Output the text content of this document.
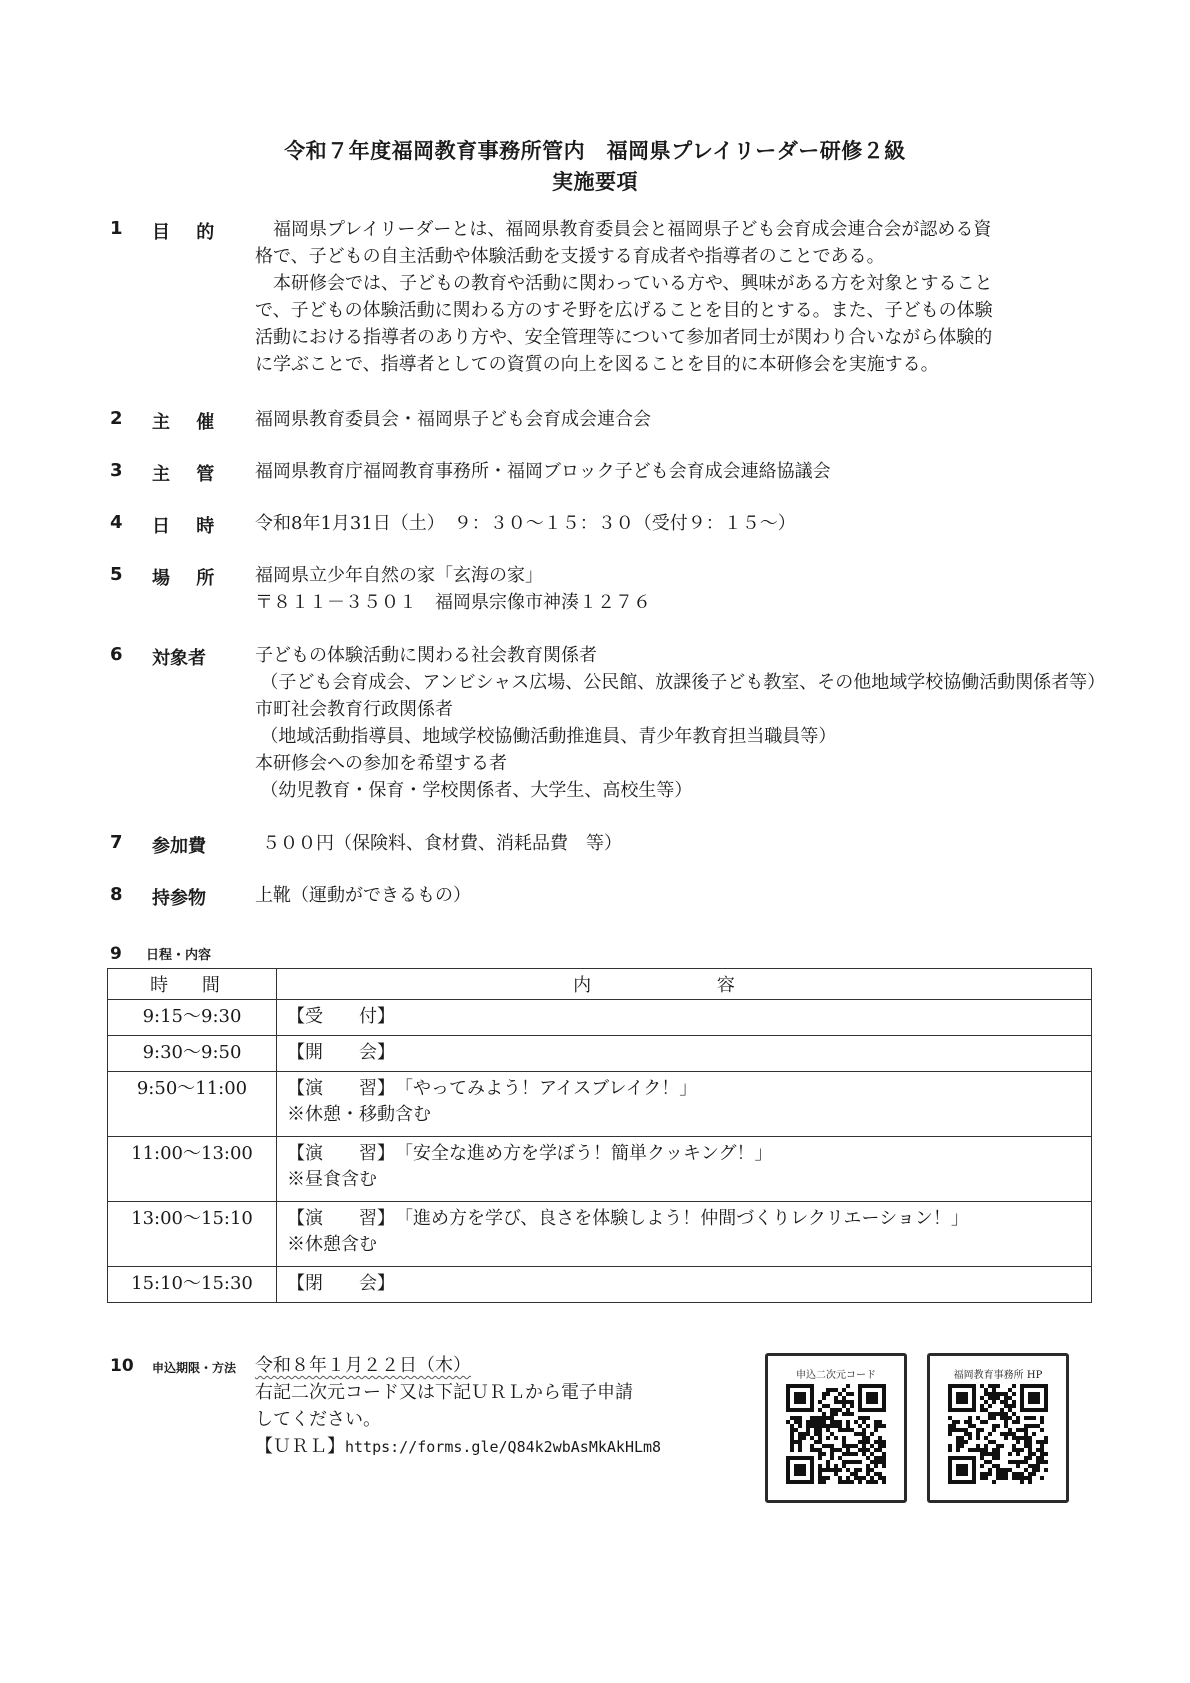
令和７年度福岡教育事務所管内　福岡県プレイリーダー研修２級
実施要項
1	目 的	福岡県プレイリーダーとは、福岡県教育委員会と福岡県子ども会育成会連合会が認める資

格で、子どもの自主活動や体験活動を支援する育成者や指導者のことである。

本研修会では、子どもの教育や活動に関わっている方や、興味がある方を対象とすること

で、子どもの体験活動に関わる方のすそ野を広げることを目的とする。また、子どもの体験

活動における指導者のあり方や、安全管理等について参加者同士が関わり合いながら体験的

に学ぶことで、指導者としての資質の向上を図ることを目的に本研修会を実施する。

2	主 催 福岡県教育委員会・福岡県子ども会育成会連合会

3	主 管 福岡県教育庁福岡教育事務所・福岡ブロック子ども会育成会連絡協議会

4	日 時 令和8年1月31日（土）　９：３０～１５：３０（受付９：１５～）

5	場 所 福岡県立少年自然の家「玄海の家」

〒８１１－３５０１　福岡県宗像市神湊１２７６

6	対象者	子どもの体験活動に関わる社会教育関係者

（子ども会育成会、アンビシャス広場、公民館、放課後子ども教室、その他地域学校協働活動関係者等）

市町社会教育行政関係者

（地域活動指導員、地域学校協働活動推進員、青少年教育担当職員等）

本研修会への参加を希望する者

（幼児教育・保育・学校関係者、大学生、高校生等）

7	参加費	５００円（保険料、食材費、消耗品費　等）

8	持参物	上靴（運動ができるもの）

9 日程・内容
時 間	内 容
9:15～9:30	【受　　付】
9:30～9:50	【開　　会】
9:50～11:00	【演　　習】「やってみよう！アイスブレイク！」
※休憩・移動含む

11:00～13:00	【演　　習】「安全な進め方を学ぼう！簡単クッキング！」
※昼食含む

13:00～15:10	【演　　習】「進め方を学び、良さを体験しよう！仲間づくりレクリエーション！」
※休憩含む

15:10～15:30	【閉　　会】
10 申込期限・方法 令和８年１月２２日（木）

右記二次元コード又は下記ＵＲＬから電子申請

してください。

【ＵＲＬ】https://forms.gle/Q84k2wbAsMkAkHLm8

申込二次元コード	福岡教育事務所 HP
